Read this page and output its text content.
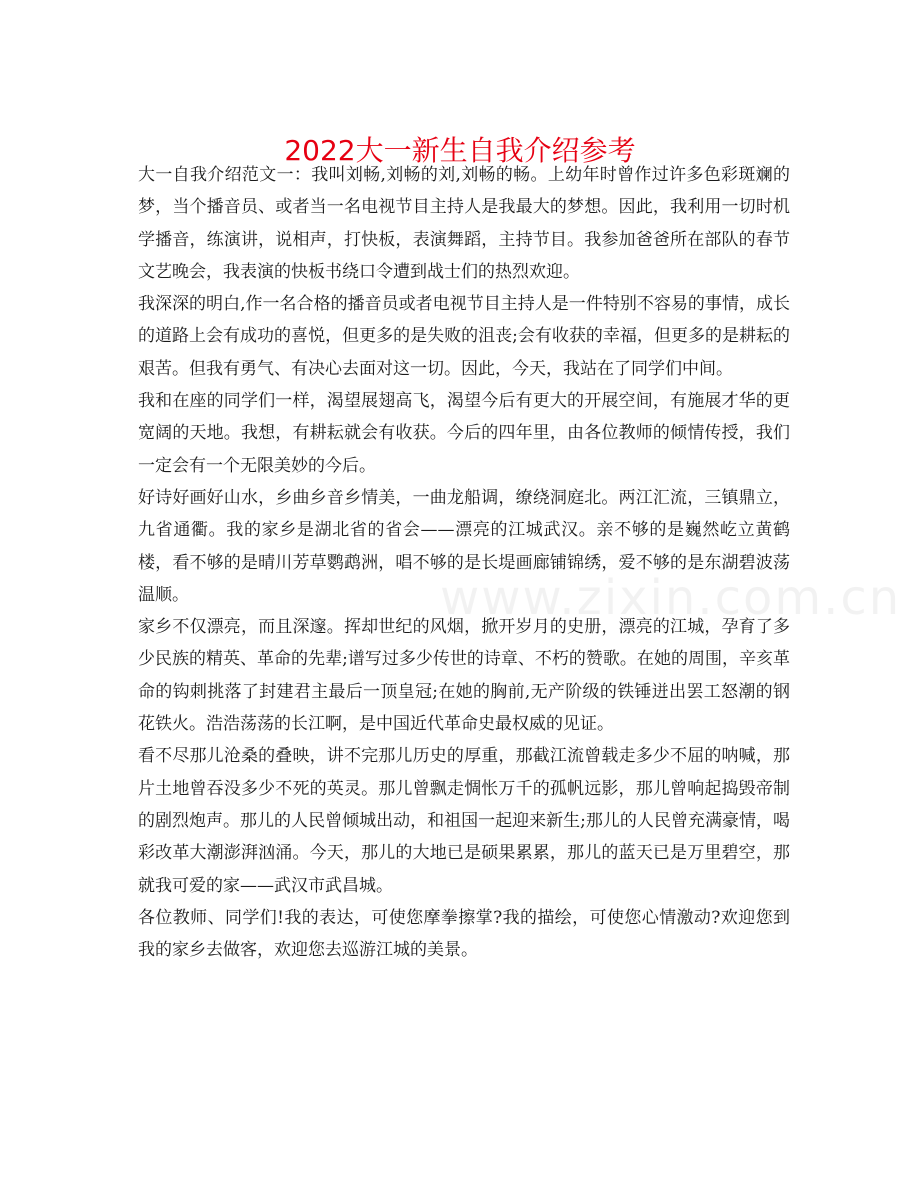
2022大一新生自我介绍参考
www.zixin.com.cn

大一自我介绍范文一：我叫刘畅,刘畅的刘,刘畅的畅。上幼年时曾作过许多色彩斑斓的梦，当个播音员、或者当一名电视节目主持人是我最大的梦想。因此，我利用一切时机学播音，练演讲，说相声，打快板，表演舞蹈，主持节目。我参加爸爸所在部队的春节文艺晚会，我表演的快板书绕口令遭到战士们的热烈欢迎。

我深深的明白,作一名合格的播音员或者电视节目主持人是一件特别不容易的事情，成长的道路上会有成功的喜悦，但更多的是失败的沮丧;会有收获的幸福，但更多的是耕耘的艰苦。但我有勇气、有决心去面对这一切。因此，今天，我站在了同学们中间。

我和在座的同学们一样，渴望展翅高飞，渴望今后有更大的开展空间，有施展才华的更宽阔的天地。我想，有耕耘就会有收获。今后的四年里，由各位教师的倾情传授，我们一定会有一个无限美妙的今后。

好诗好画好山水，乡曲乡音乡情美，一曲龙船调，缭绕洞庭北。两江汇流，三镇鼎立，九省通衢。我的家乡是湖北省的省会——漂亮的江城武汉。亲不够的是巍然屹立黄鹤楼，看不够的是晴川芳草鹦鹉洲，唱不够的是长堤画廊铺锦绣，爱不够的是东湖碧波荡温顺。

家乡不仅漂亮，而且深邃。挥却世纪的风烟，掀开岁月的史册，漂亮的江城，孕育了多少民族的精英、革命的先辈;谱写过多少传世的诗章、不朽的赞歌。在她的周围，辛亥革命的钩刺挑落了封建君主最后一顶皇冠;在她的胸前,无产阶级的铁锤迸出罢工怒潮的钢花铁火。浩浩荡荡的长江啊，是中国近代革命史最权威的见证。

看不尽那儿沧桑的叠映，讲不完那儿历史的厚重，那截江流曾载走多少不屈的呐喊，那片土地曾吞没多少不死的英灵。那儿曾飘走惆怅万千的孤帆远影，那儿曾响起捣毁帝制的剧烈炮声。那儿的人民曾倾城出动，和祖国一起迎来新生;那儿的人民曾充满豪情，喝彩改革大潮澎湃汹涌。今天，那儿的大地已是硕果累累，那儿的蓝天已是万里碧空，那就我可爱的家——武汉市武昌城。

各位教师、同学们!我的表达，可使您摩拳擦掌?我的描绘，可使您心情激动?欢迎您到我的家乡去做客，欢迎您去巡游江城的美景。
